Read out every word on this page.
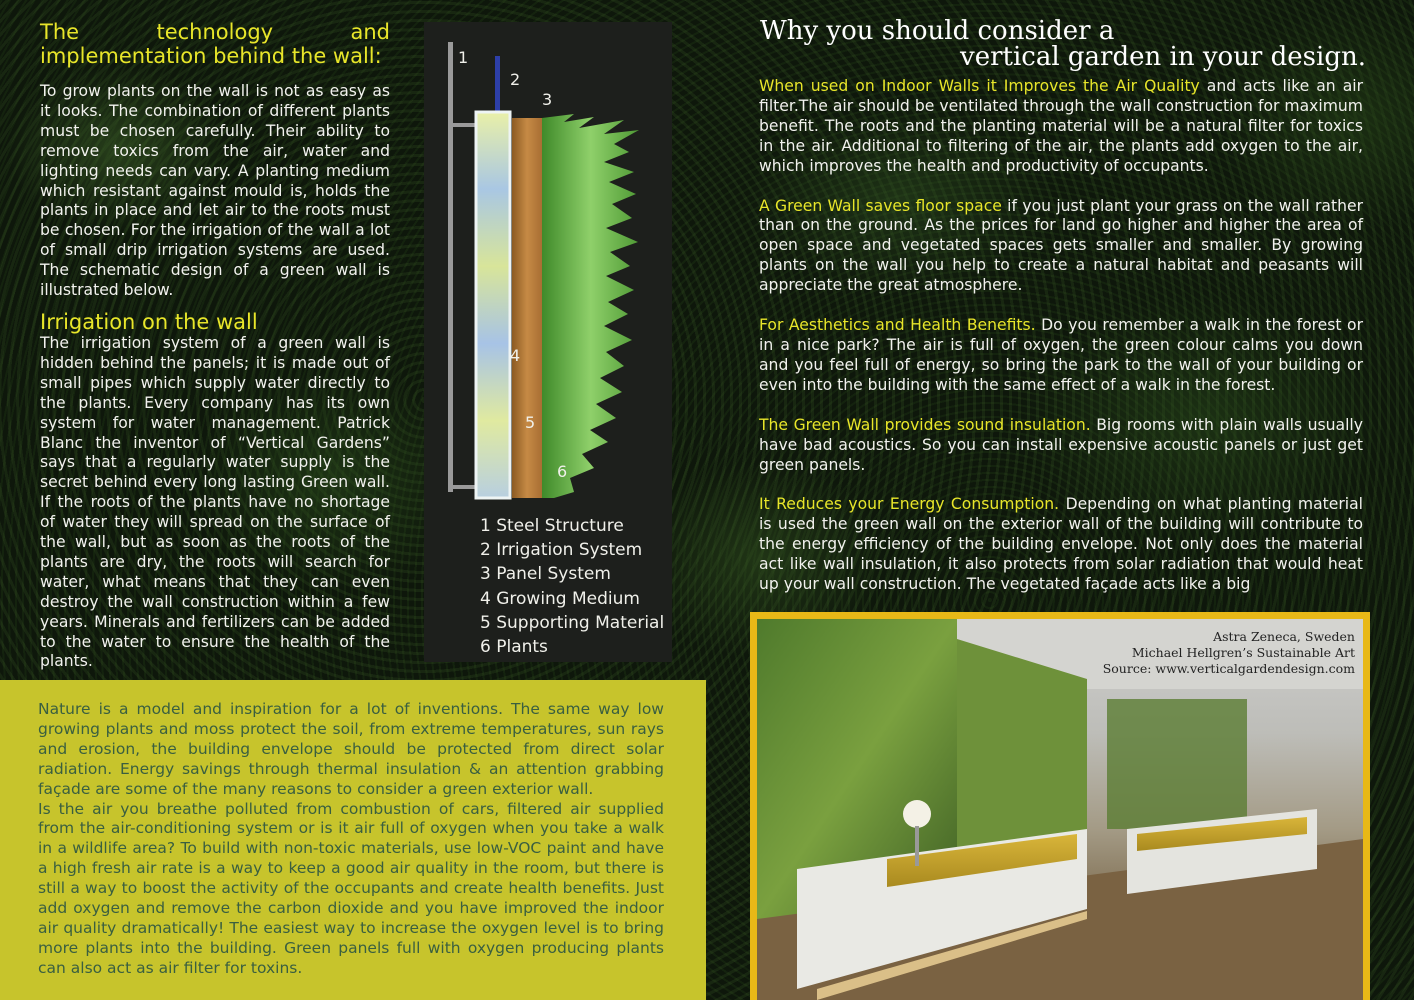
The technology and implementation behind the wall:

To grow plants on the wall is not as easy as it looks. The combination of different plants must be chosen carefully. Their ability to remove toxics from the air, water and lighting needs can vary. A planting medium which resistant against mould is, holds the plants in place and let air to the roots must be chosen. For the irrigation of the wall a lot of small drip irrigation systems are used. The schematic design of a green wall is illustrated below.

Irrigation on the wall

The irrigation system of a green wall is hidden behind the panels; it is made out of small pipes which supply water directly to the plants. Every company has its own system for water management. Patrick Blanc the inventor of “Vertical Gardens” says that a regularly water supply is the secret behind every long lasting Green wall. If the roots of the plants have no shortage of water they will spread on the surface of the wall, but as soon as the roots of the plants are dry, the roots will search for water, what means that they can even destroy the wall construction within a few years. Minerals and fertilizers can be added to the water to ensure the health of the plants.

1
2
3
4
5
6
1 Steel Structure
2 Irrigation System
3 Panel System
4 Growing Medium
5 Supporting Material
6 Plants

Nature is a model and inspiration for a lot of inventions. The same way low growing plants and moss protect the soil, from extreme temperatures, sun rays and erosion, the building envelope should be protected from direct solar radiation. Energy savings through thermal insulation & an attention grabbing façade are some of the many reasons to consider a green exterior wall.

Is the air you breathe polluted from combustion of cars, filtered air supplied from the air-conditioning system or is it air full of oxygen when you take a walk in a wildlife area? To build with non-toxic materials, use low-VOC paint and have a high fresh air rate is a way to keep a good air quality in the room, but there is still a way to boost the activity of the occupants and create health benefits. Just add oxygen and remove the carbon dioxide and you have improved the indoor air quality dramatically! The easiest way to increase the oxygen level is to bring more plants into the building. Green panels full with oxygen producing plants can also act as air filter for toxins.

Why you should consider a
vertical garden in your design.

When used on Indoor Walls it Improves the Air Quality and acts like an air filter.The air should be ventilated through the wall construction for maximum benefit. The roots and the planting material will be a natural filter for toxics in the air. Additional to filtering of the air, the plants add oxygen to the air, which improves the health and productivity of occupants.

A Green Wall saves floor space if you just plant your grass on the wall rather than on the ground. As the prices for land go higher and higher the area of open space and vegetated spaces gets smaller and smaller. By growing plants on the wall you help to create a natural habitat and peasants will appreciate the great atmosphere.

For Aesthetics and Health Benefits. Do you remember a walk in the forest or in a nice park? The air is full of oxygen, the green colour calms you down and you feel full of energy, so bring the park to the wall of your building or even into the building with the same effect of a walk in the forest.

The Green Wall provides sound insulation. Big rooms with plain walls usually have bad acoustics. So you can install expensive acoustic panels or just get green panels.

It Reduces your Energy Consumption. Depending on what planting material is used the green wall on the exterior wall of the building will contribute to the energy efficiency of the building envelope. Not only does the material act like wall insulation, it also protects from solar radiation that would heat up your wall construction. The vegetated façade acts like a big

Astra Zeneca, Sweden
Michael Hellgren’s Sustainable Art
Source: www.verticalgardendesign.com
